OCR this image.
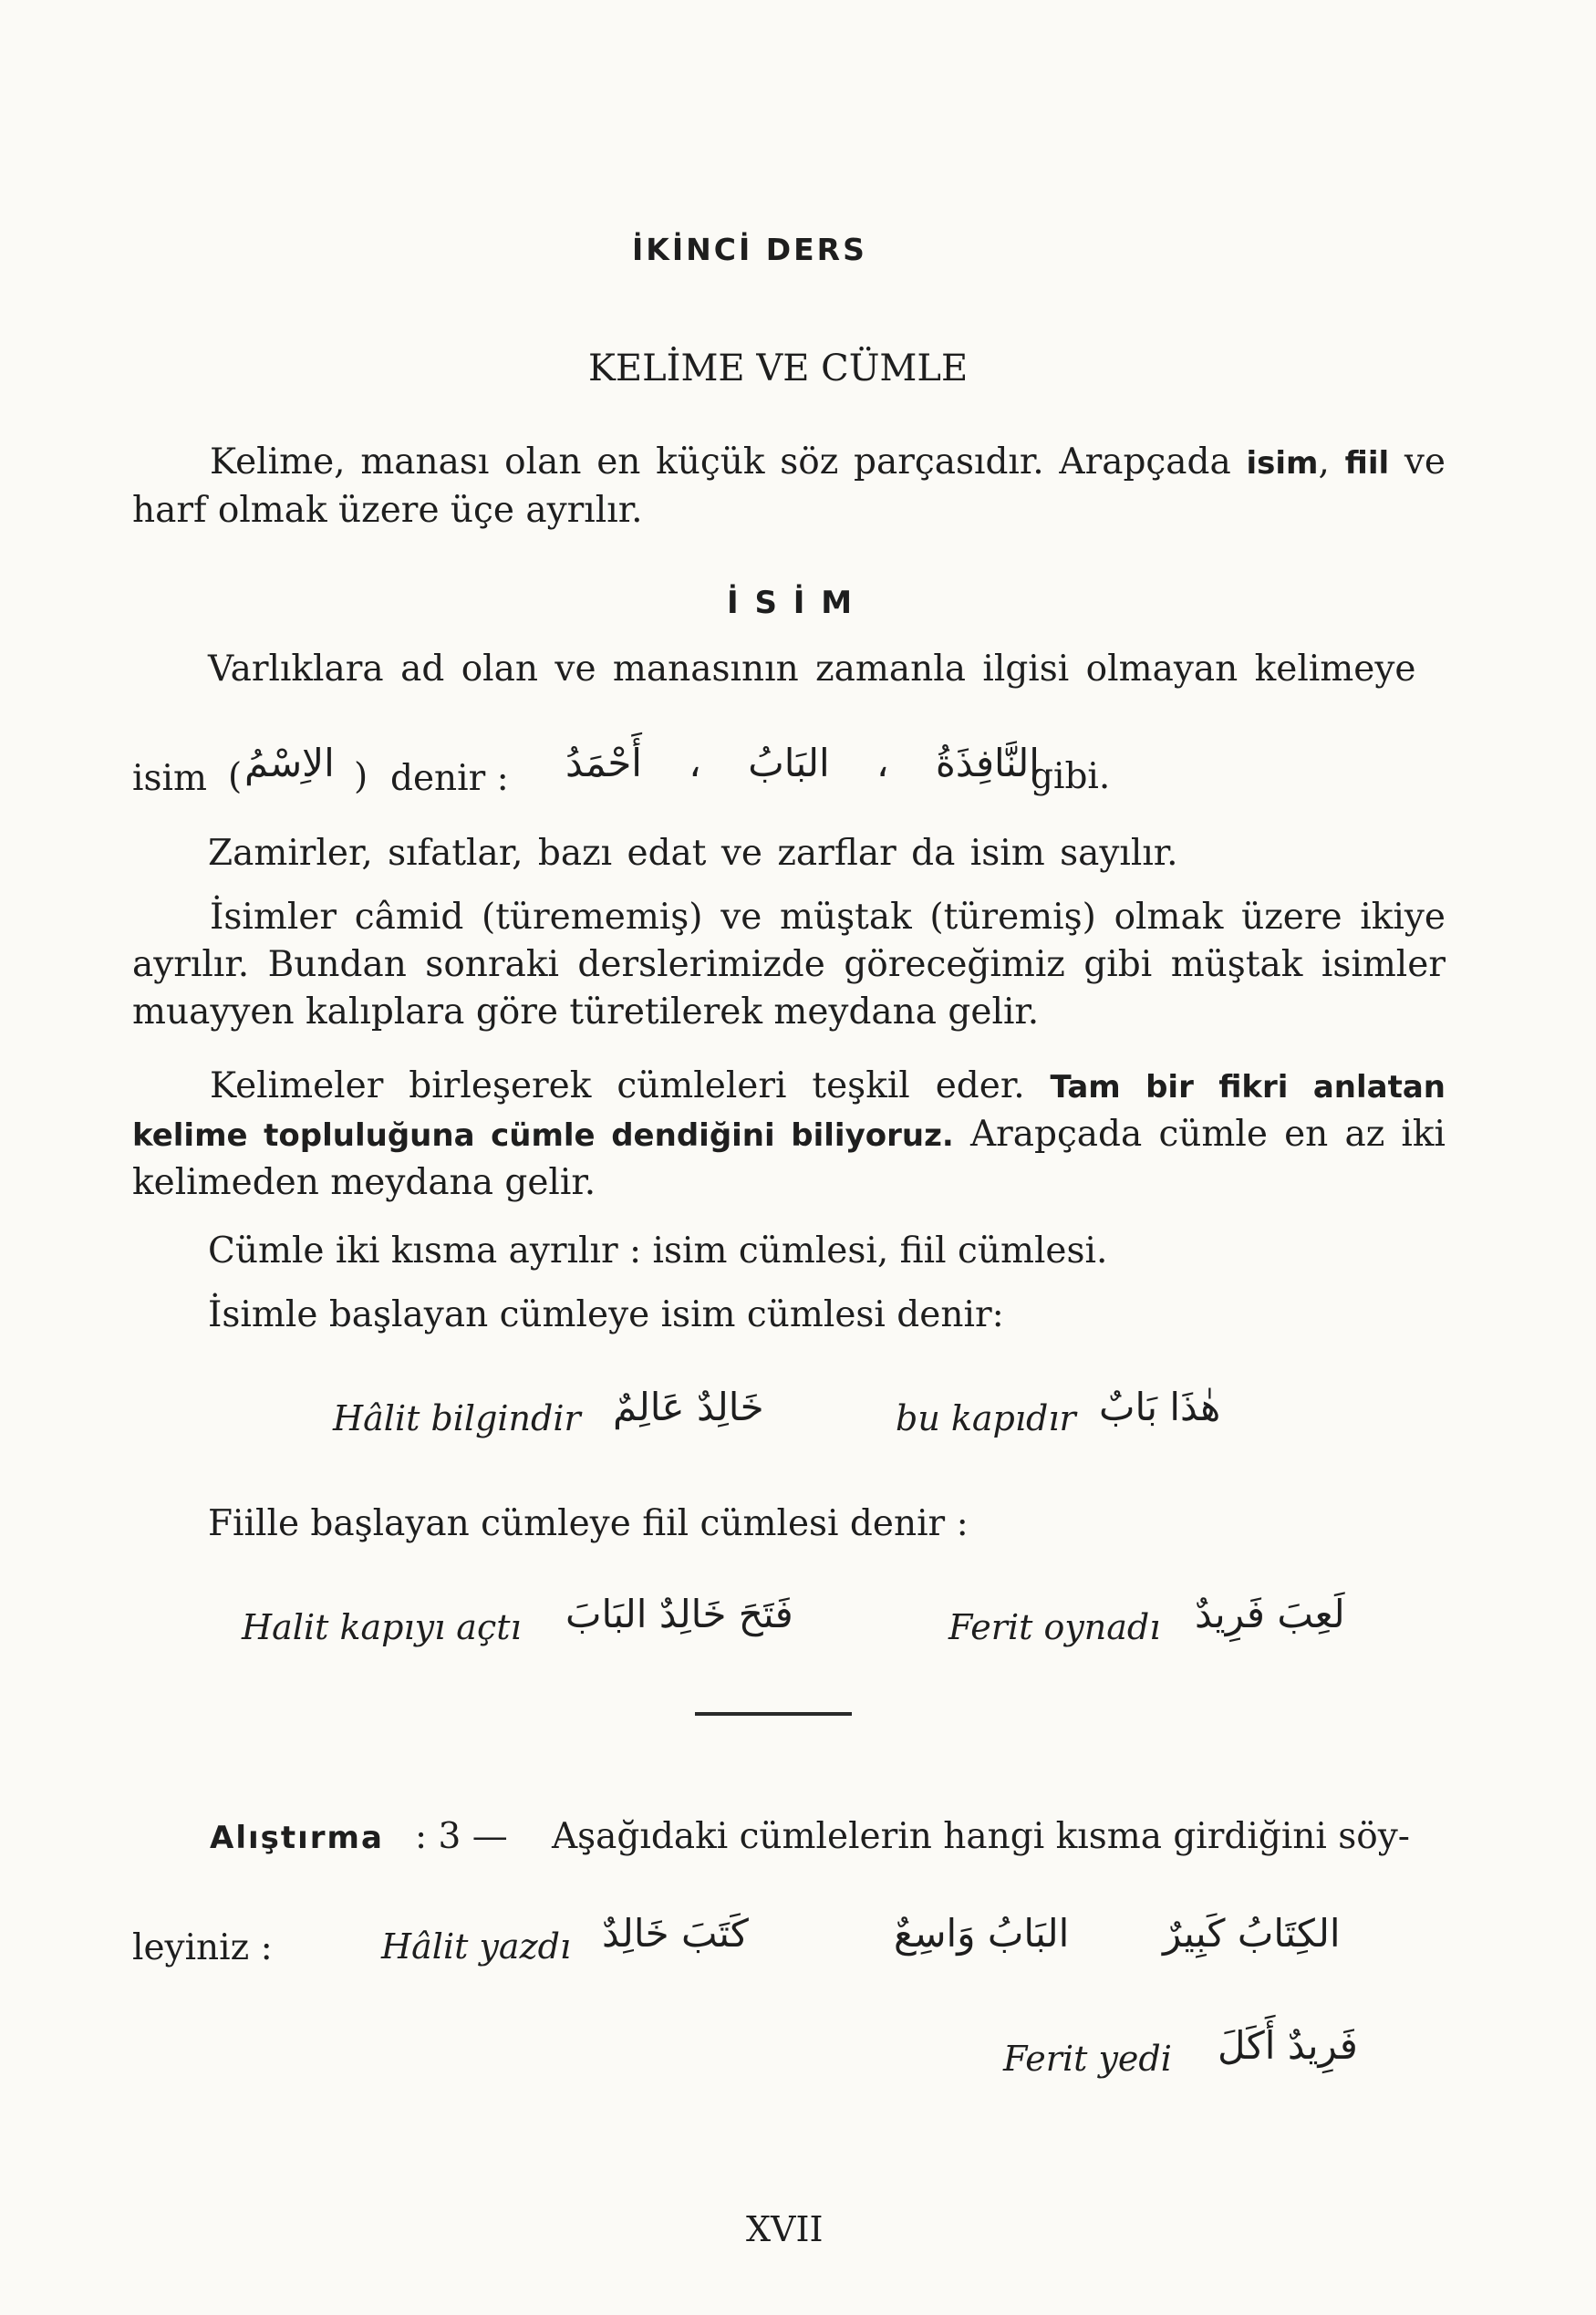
İKİNCİ DERS
KELİME VE CÜMLE
Kelime, manası olan en küçük söz parçasıdır. Arapçada isim, fiil ve harf olmak üzere üçe ayrılır.
İ S İ M
Varlıklara ad olan ve manasının zamanla ilgisi olmayan kelimeye
isim ( الاِسْمُ ) denir :	النَّافِذَةُ
،
البَابُ
،
أَحْمَدُ	gibi.
Zamirler, sıfatlar, bazı edat ve zarflar da isim sayılır.
İsimler câmid (türememiş) ve müştak (türemiş) olmak üzere ikiye ayrılır. Bundan sonraki derslerimizde göreceğimiz gibi müştak isimler muayyen kalıplara göre türetilerek meydana gelir.
Kelimeler birleşerek cümleleri teşkil eder. Tam bir fikri anlatan kelime topluluğuna cümle dendiğini biliyoruz. Arapçada cümle en az iki kelimeden meydana gelir.
Cümle iki kısma ayrılır : isim cümlesi, fiil cümlesi.
İsimle başlayan cümleye isim cümlesi denir:
Hâlit bilgindir خَالِدٌ عَالِمٌ	bu kapıdır هٰذَا بَابٌ
Fiille başlayan cümleye fiil cümlesi denir :
Halit kapıyı açtı فَتَحَ خَالِدٌ البَابَ	Ferit oynadı لَعِبَ فَرِيدٌ
Alıştırma : 3 — Aşağıdaki cümlelerin hangi kısma girdiğini söy-
leyiniz :	Hâlit yazdı كَتَبَ خَالِدٌ	البَابُ وَاسِعٌ الكِتَابُ كَبِيرٌ
Ferit yedi فَرِيدٌ أَكَلَ
XVII
